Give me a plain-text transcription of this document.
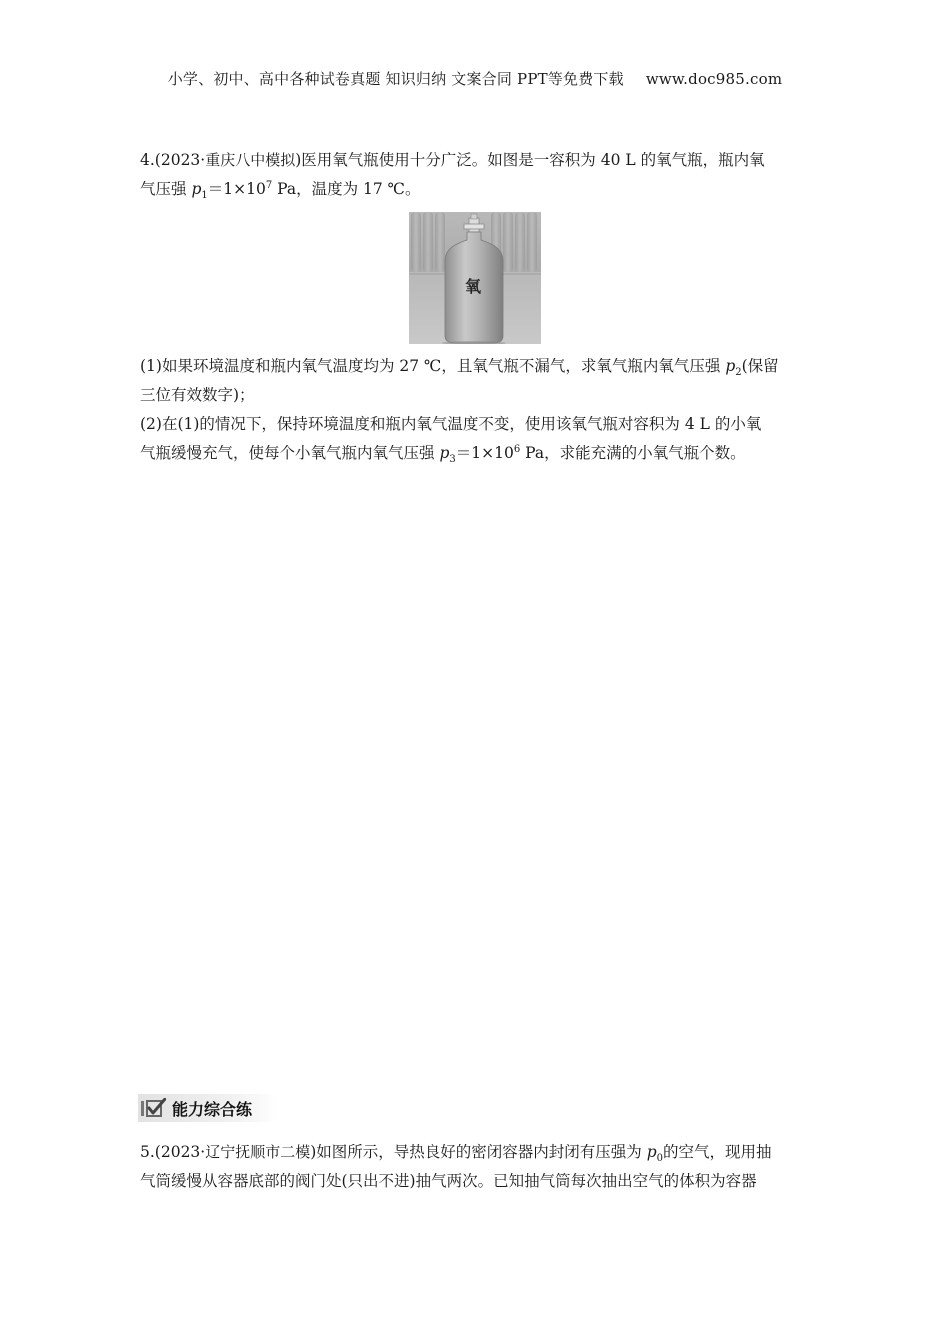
小学、初中、高中各种试卷真题 知识归纳 文案合同 PPT等免费下载 www.doc985.com
4.(2023·重庆八中模拟)医用氧气瓶使用十分广泛。如图是一容积为 40 L 的氧气瓶，瓶内氧
气压强 $p_1=1\times 10^7$ Pa，温度为 17 ℃。
氧
(1)如果环境温度和瓶内氧气温度均为 27 ℃，且氧气瓶不漏气，求氧气瓶内氧气压强 $p_2$(保留
三位有效数字)；
(2)在(1)的情况下，保持环境温度和瓶内氧气温度不变，使用该氧气瓶对容积为 4 L 的小氧
气瓶缓慢充气，使每个小氧气瓶内氧气压强 $p_3=1\times 10^6$ Pa，求能充满的小氧气瓶个数。
能力综合练
5.(2023·辽宁抚顺市二模)如图所示，导热良好的密闭容器内封闭有压强为 $p_0$的空气，现用抽
气筒缓慢从容器底部的阀门处(只出不进)抽气两次。已知抽气筒每次抽出空气的体积为容器
